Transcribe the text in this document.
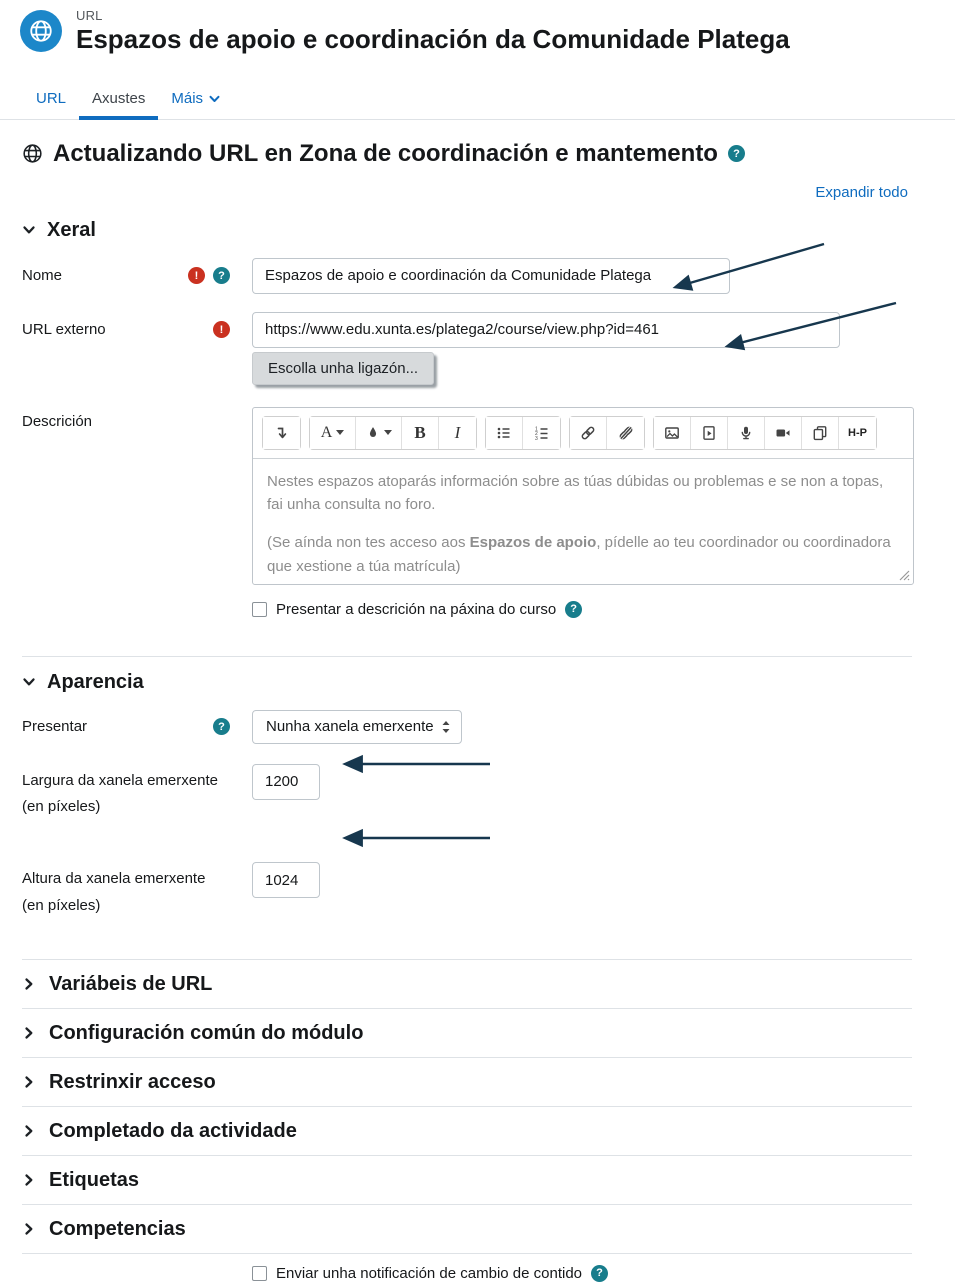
URL
Espazos de apoio e coordinación da Comunidade Platega
URL	Axustes	Máis
Actualizando URL en Zona de coordinación e mantemento
?
Expandir todo
Xeral
Nome
!
?
Espazos de apoio e coordinación da Comunidade Platega
URL externo
!
https://www.edu.xunta.es/platega2/course/view.php?id=461
Escolla unha ligazón...
Descrición
A	B I	1
2
3	H-P

Nestes espazos atoparás información sobre as túas dúbidas ou problemas e se non a topas, fai unha consulta no foro.

(Se aínda non tes acceso aos Espazos de apoio, pídelle ao teu coordinador ou coordinadora que xestione a túa matrícula)

Presentar a descrición na páxina do curso
?
Aparencia
Presentar ?	Nunha xanela emerxente
Largura da xanela emerxente
(en píxeles)
1200
Altura da xanela emerxente
(en píxeles)
1024
Variábeis de URL
Configuración común do módulo
Restrinxir acceso
Completado da actividade
Etiquetas
Competencias
Enviar unha notificación de cambio de contido
?
